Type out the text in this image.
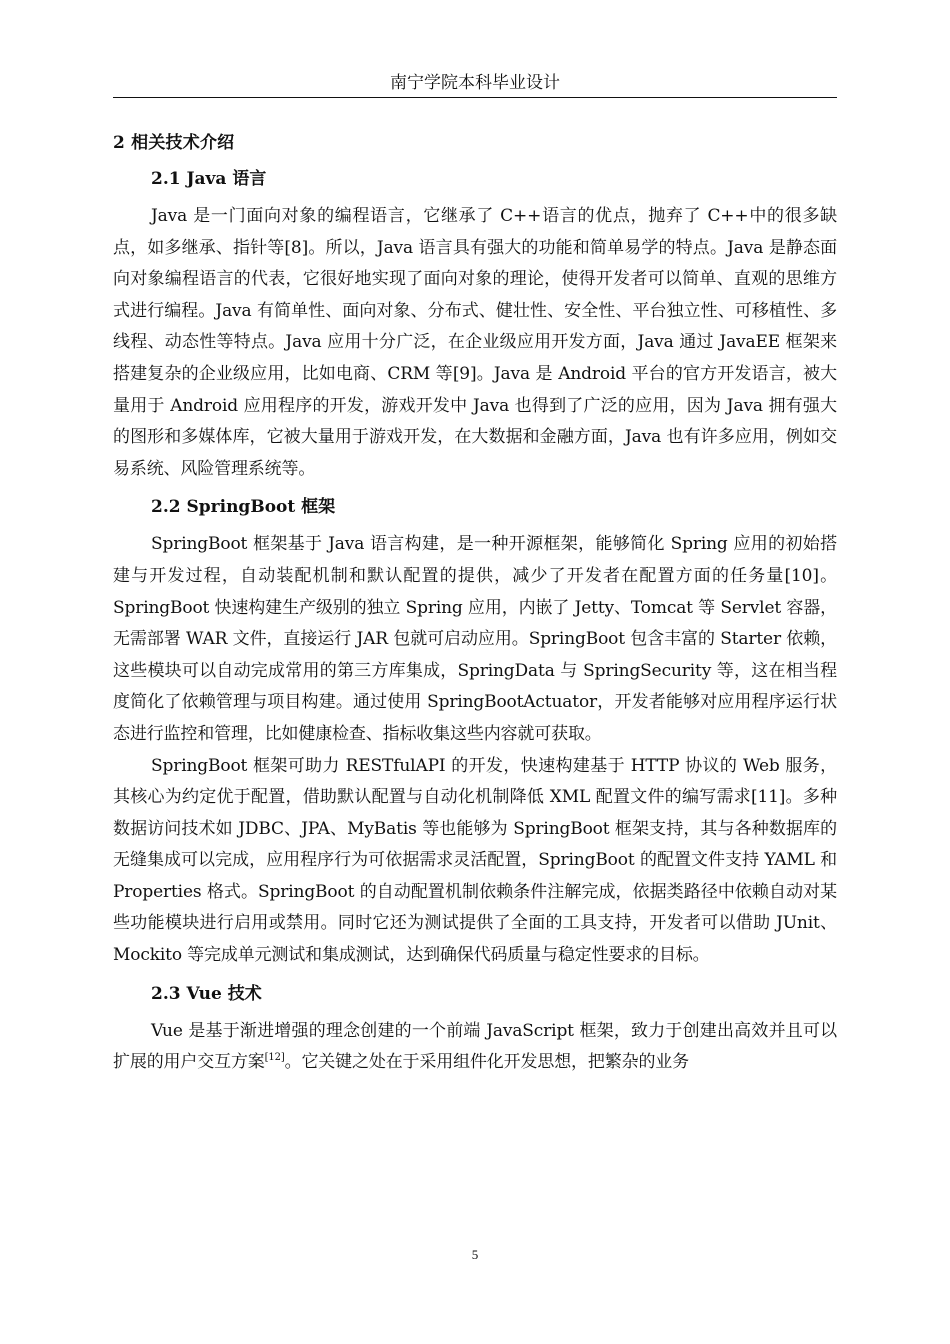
南宁学院本科毕业设计
2 相关技术介绍
2.1 Java 语言

Java 是一门面向对象的编程语言，它继承了 C++语言的优点，抛弃了 C++中的很多缺点，如多继承、指针等[8]。所以，Java 语言具有强大的功能和简单易学的特点。Java 是静态面向对象编程语言的代表，它很好地实现了面向对象的理论，使得开发者可以简单、直观的思维方式进行编程。Java 有简单性、面向对象、分布式、健壮性、安全性、平台独立性、可移植性、多线程、动态性等特点。Java 应用十分广泛，在企业级应用开发方面，Java 通过 JavaEE 框架来搭建复杂的企业级应用，比如电商、CRM 等[9]。Java 是 Android 平台的官方开发语言，被大量用于 Android 应用程序的开发，游戏开发中 Java 也得到了广泛的应用，因为 Java 拥有强大的图形和多媒体库，它被大量用于游戏开发，在大数据和金融方面，Java 也有许多应用，例如交易系统、风险管理系统等。

2.2 SpringBoot 框架

SpringBoot 框架基于 Java 语言构建，是一种开源框架，能够简化 Spring 应用的初始搭建与开发过程，自动装配机制和默认配置的提供，减少了开发者在配置方面的任务量[10]。SpringBoot 快速构建生产级别的独立 Spring 应用，内嵌了 Jetty、Tomcat 等 Servlet 容器，无需部署 WAR 文件，直接运行 JAR 包就可启动应用。SpringBoot 包含丰富的 Starter 依赖，这些模块可以自动完成常用的第三方库集成，SpringData 与 SpringSecurity 等，这在相当程度简化了依赖管理与项目构建。通过使用 SpringBootActuator，开发者能够对应用程序运行状态进行监控和管理，比如健康检查、指标收集这些内容就可获取。

SpringBoot 框架可助力 RESTfulAPI 的开发，快速构建基于 HTTP 协议的 Web 服务，其核心为约定优于配置，借助默认配置与自动化机制降低 XML 配置文件的编写需求[11]。多种数据访问技术如 JDBC、JPA、MyBatis 等也能够为 SpringBoot 框架支持，其与各种数据库的无缝集成可以完成，应用程序行为可依据需求灵活配置，SpringBoot 的配置文件支持 YAML 和 Properties 格式。SpringBoot 的自动配置机制依赖条件注解完成，依据类路径中依赖自动对某些功能模块进行启用或禁用。同时它还为测试提供了全面的工具支持，开发者可以借助 JUnit、Mockito 等完成单元测试和集成测试，达到确保代码质量与稳定性要求的目标。

2.3 Vue 技术

Vue 是基于渐进增强的理念创建的一个前端 JavaScript 框架，致力于创建出高效并且可以扩展的用户交互方案[12]。它关键之处在于采用组件化开发思想，把繁杂的业务

5
